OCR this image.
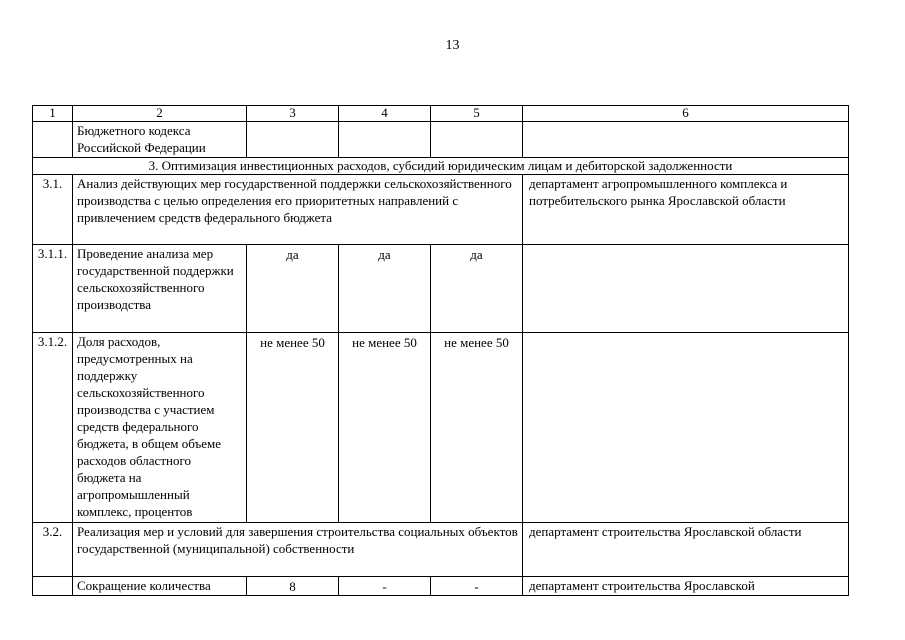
13
1	2	3	4	5	6
	Бюджетного кодекса Российской Федерации				
3. Оптимизация инвестиционных расходов, субсидий юридическим лицам и дебиторской задолженности					
3.1.	Анализ действующих мер государственной поддержки сельскохозяйственного производства с целью определения его приоритетных направлений с привлечением средств федерального бюджета				департамент агропромышленного комплекса и потребительского рынка Ярославской области
3.1.1.	Проведение анализа мер государственной поддержки сельскохозяйственного производства	да	да	да	
3.1.2.	Доля расходов, предусмотренных на поддержку сельскохозяйственного производства с участием средств федерального бюджета, в общем объеме расходов областного бюджета на агропромышленный комплекс, процентов	не менее 50	не менее 50	не менее 50	
3.2.	Реализация мер и условий для завершения строительства социальных объектов государственной (муниципальной) собственности				департамент строительства Ярославской области
	Сокращение количества	8	-	-	департамент строительства Ярославской
